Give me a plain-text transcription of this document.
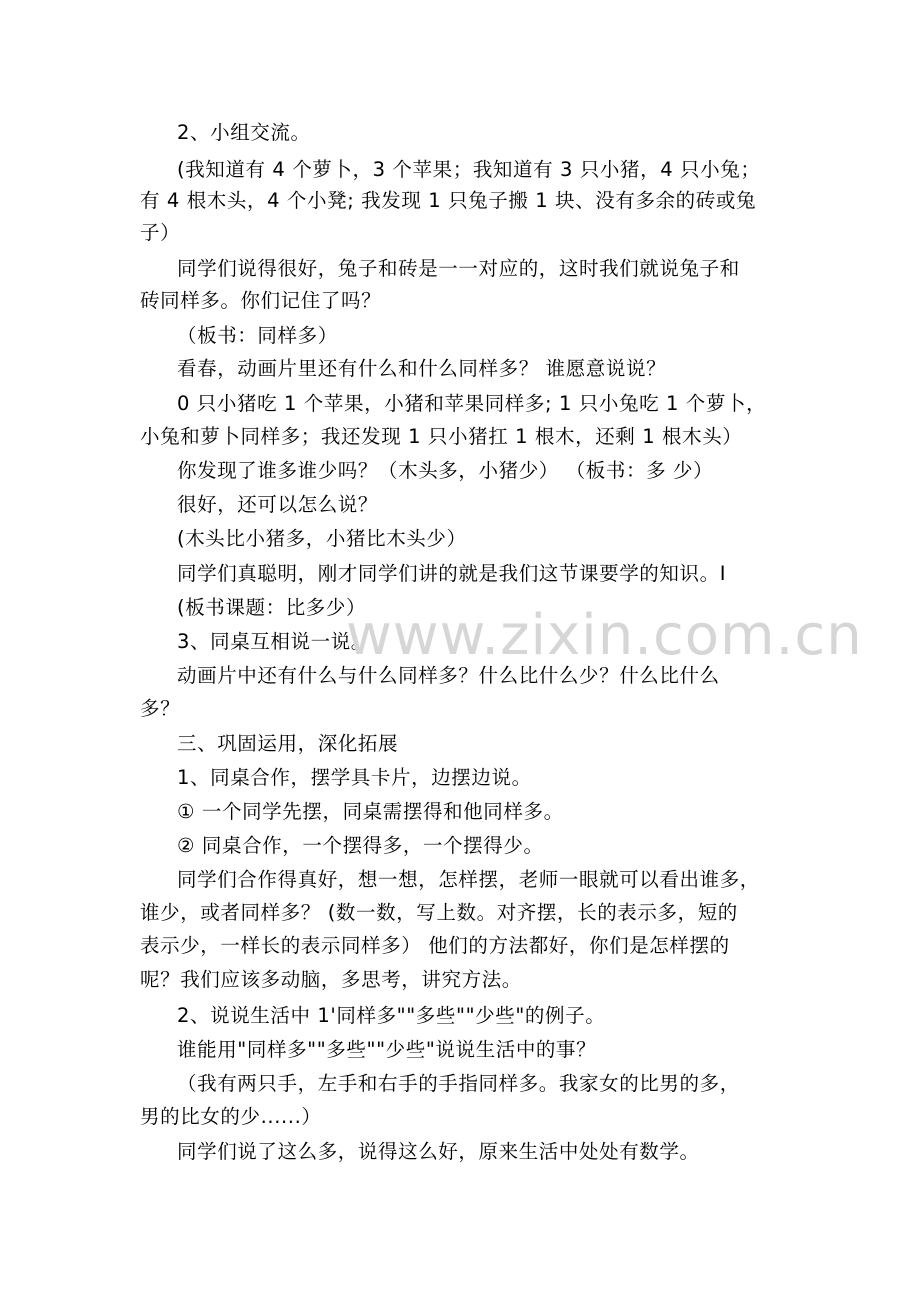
2、小组交流。
(我知道有 4 个萝卜，3 个苹果；我知道有 3 只小猪，4 只小兔；
有 4 根木头，4 个小凳; 我发现 1 只兔子搬 1 块、没有多余的砖或兔
子）
同学们说得很好，兔子和砖是一一对应的，这时我们就说兔子和
砖同样多。你们记住了吗？
（板书：同样多）
看春，动画片里还有什么和什么同样多？ 谁愿意说说？
0 只小猪吃 1 个苹果，小猪和苹果同样多; 1 只小兔吃 1 个萝卜，
小兔和萝卜同样多；我还发现 1 只小猪扛 1 根木，还剩 1 根木头）
你发现了谁多谁少吗？（木头多，小猪少） （板书：多 少）
很好，还可以怎么说？
(木头比小猪多，小猪比木头少）
同学们真聪明，刚才同学们讲的就是我们这节课要学的知识。I
(板书课题：比多少）
3、同桌互相说一说。
动画片中还有什么与什么同样多？什么比什么少？什么比什么
多？
三、巩固运用，深化拓展
1、同桌合作，摆学具卡片，边摆边说。
① 一个同学先摆，同桌需摆得和他同样多。
② 同桌合作，一个摆得多，一个摆得少。
同学们合作得真好，想一想，怎样摆，老师一眼就可以看出谁多，
谁少，或者同样多？ (数一数，写上数。对齐摆，长的表示多，短的
表示少，一样长的表示同样多） 他们的方法都好，你们是怎样摆的
呢？我们应该多动脑，多思考，讲究方法。
2、说说生活中 1'同样多""多些""少些"的例子。
谁能用"同样多""多些""少些"说说生活中的事？
（我有两只手，左手和右手的手指同样多。我家女的比男的多，
男的比女的少......）
同学们说了这么多，说得这么好，原来生活中处处有数学。
www.zixin.com.cn
